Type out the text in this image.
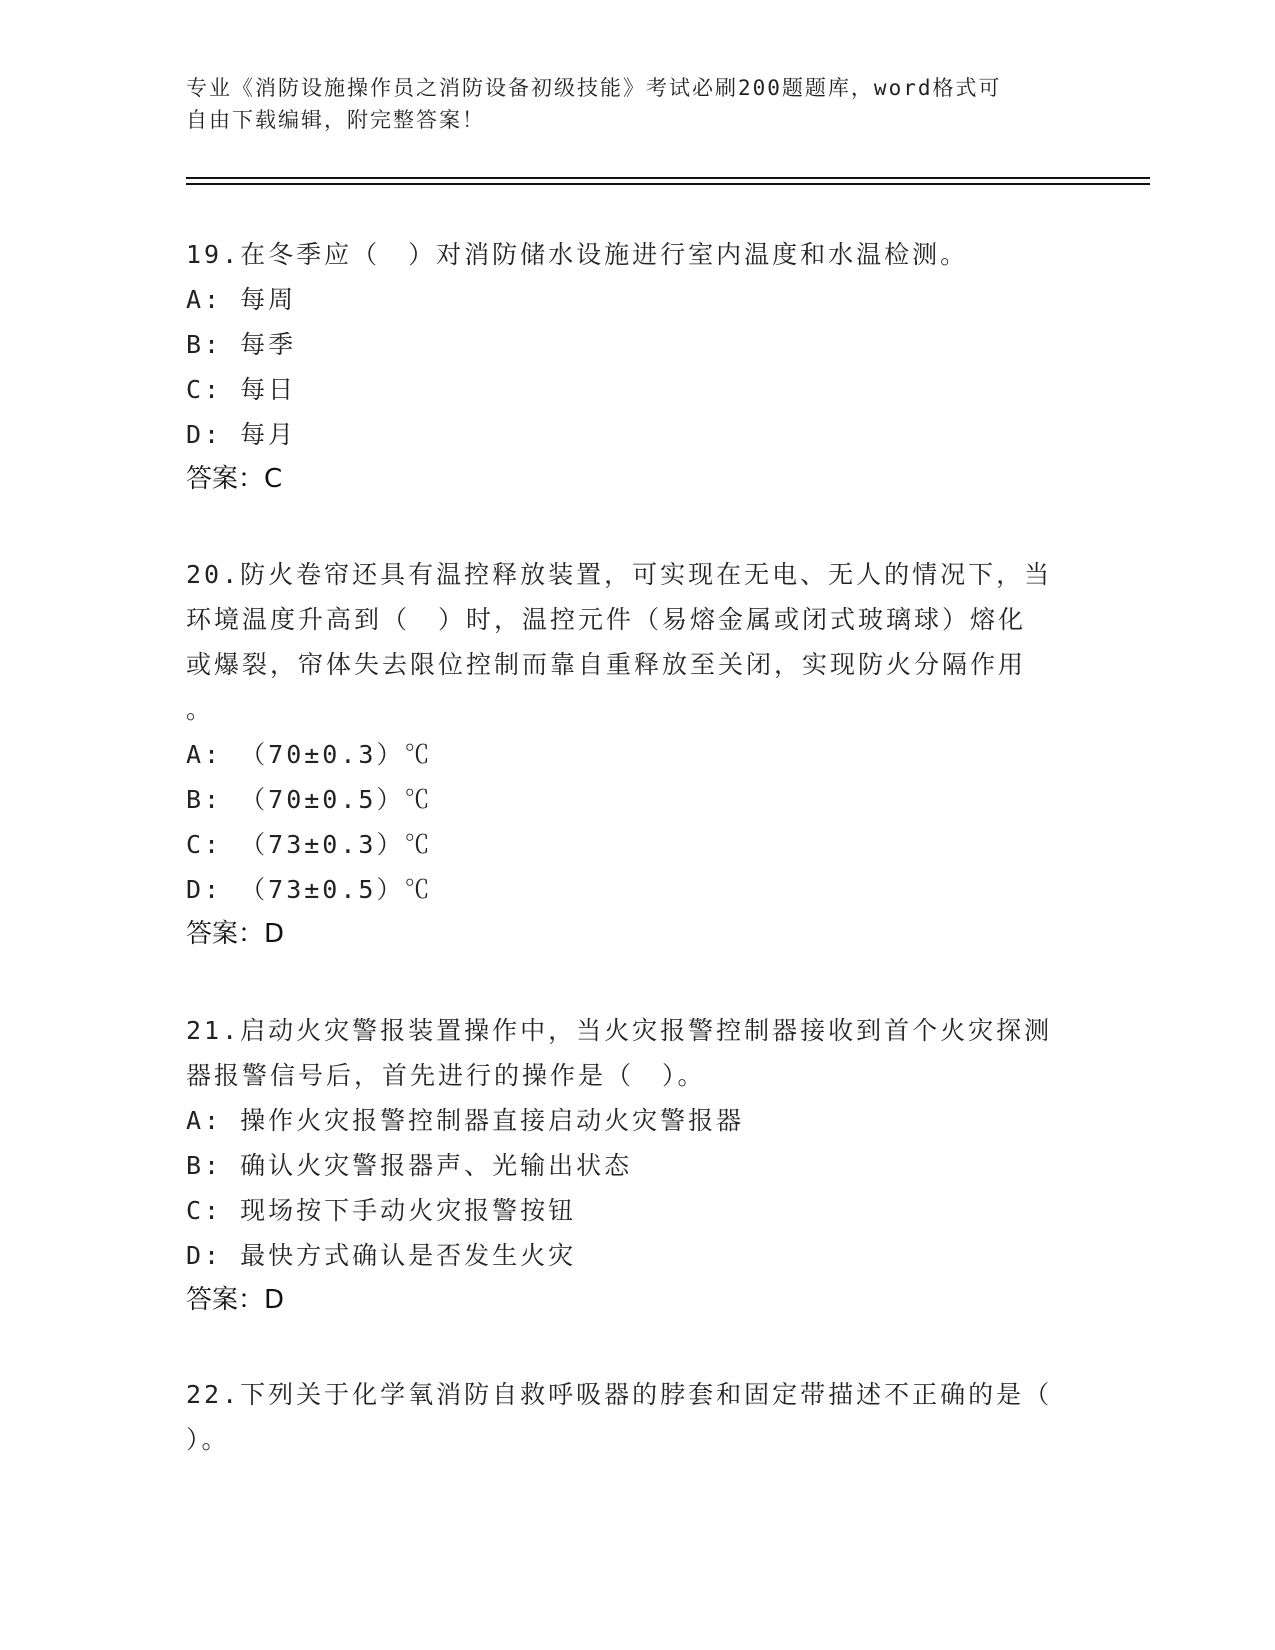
专业《消防设施操作员之消防设备初级技能》考试必刷200题题库，word格式可
自由下载编辑，附完整答案！
19.在冬季应（　）对消防储水设施进行室内温度和水温检测。
A: 每周
B: 每季
C: 每日
D: 每月
答案：C
20.防火卷帘还具有温控释放装置，可实现在无电、无人的情况下，当
环境温度升高到（　）时，温控元件（易熔金属或闭式玻璃球）熔化
或爆裂，帘体失去限位控制而靠自重释放至关闭，实现防火分隔作用
。
A: （70±0.3）℃
B: （70±0.5）℃
C: （73±0.3）℃
D: （73±0.5）℃
答案：D
21.启动火灾警报装置操作中，当火灾报警控制器接收到首个火灾探测
器报警信号后，首先进行的操作是（　）。
A: 操作火灾报警控制器直接启动火灾警报器
B: 确认火灾警报器声、光输出状态
C: 现场按下手动火灾报警按钮
D: 最快方式确认是否发生火灾
答案：D
22.下列关于化学氧消防自救呼吸器的脖套和固定带描述不正确的是（
）。
